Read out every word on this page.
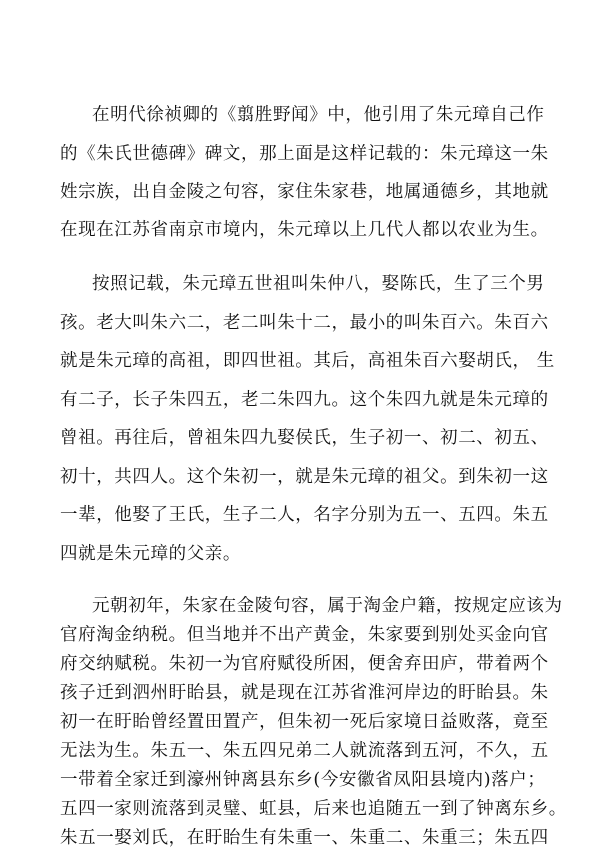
在明代徐祯卿的《翦胜野闻》中，他引用了朱元璋自己作
的《朱氏世德碑》碑文，那上面是这样记载的：朱元璋这一朱
姓宗族，出自金陵之句容，家住朱家巷，地属通德乡，其地就
在现在江苏省南京市境内，朱元璋以上几代人都以农业为生。
按照记载，朱元璋五世祖叫朱仲八，娶陈氏，生了三个男
孩。老大叫朱六二，老二叫朱十二，最小的叫朱百六。朱百六
就是朱元璋的高祖，即四世祖。其后，高祖朱百六娶胡氏， 生
有二子，长子朱四五，老二朱四九。这个朱四九就是朱元璋的
曾祖。再往后，曾祖朱四九娶侯氏，生子初一、初二、初五、
初十，共四人。这个朱初一，就是朱元璋的祖父。到朱初一这
一辈，他娶了王氏，生子二人，名字分别为五一、五四。朱五
四就是朱元璋的父亲。
元朝初年，朱家在金陵句容，属于淘金户籍，按规定应该为
官府淘金纳税。但当地并不出产黄金，朱家要到别处买金向官
府交纳赋税。朱初一为官府赋役所困，便舍弃田庐，带着两个
孩子迁到泗州盱眙县，就是现在江苏省淮河岸边的盱眙县。朱
初一在盱眙曾经置田置产，但朱初一死后家境日益败落，竟至
无法为生。朱五一、朱五四兄弟二人就流落到五河，不久，五
一带着全家迁到濠州钟离县东乡(今安徽省凤阳县境内)落户；
五四一家则流落到灵璧、虹县，后来也追随五一到了钟离东乡。
朱五一娶刘氏，在盱眙生有朱重一、朱重二、朱重三；朱五四
